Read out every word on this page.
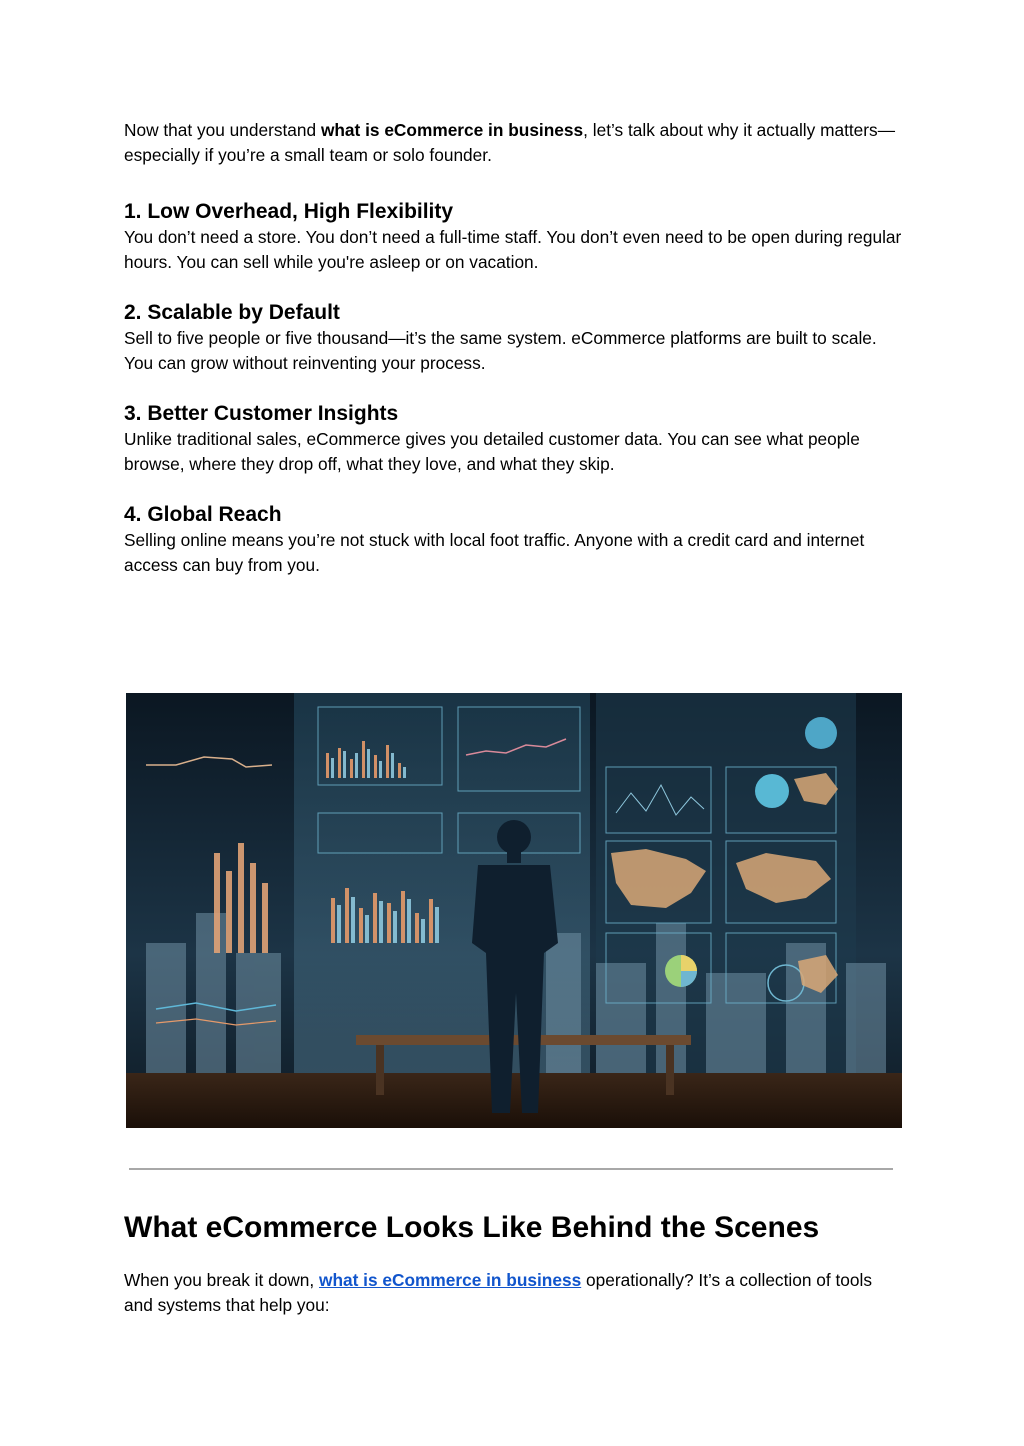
Now that you understand what is eCommerce in business, let’s talk about why it actually matters—especially if you’re a small team or solo founder.

1. Low Overhead, High Flexibility

You don’t need a store. You don’t need a full-time staff. You don’t even need to be open during regular hours. You can sell while you're asleep or on vacation.

2. Scalable by Default

Sell to five people or five thousand—it’s the same system. eCommerce platforms are built to scale. You can grow without reinventing your process.

3. Better Customer Insights

Unlike traditional sales, eCommerce gives you detailed customer data. You can see what people browse, where they drop off, what they love, and what they skip.

4. Global Reach

Selling online means you’re not stuck with local foot traffic. Anyone with a credit card and internet access can buy from you.

What eCommerce Looks Like Behind the Scenes

When you break it down, what is eCommerce in business operationally? It’s a collection of tools and systems that help you:
